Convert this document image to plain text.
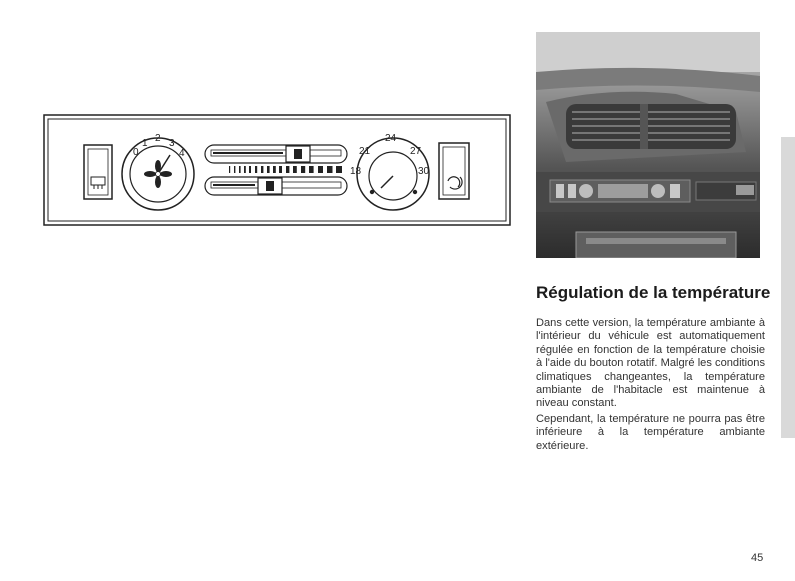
0
1 2 3
4
18
21
24
27
30
Régulation de la température

Dans cette version, la température ambiante à l'intérieur du véhicule est automatiquement régulée en fonction de la température choisie à l'aide du bouton rotatif. Malgré les conditions climatiques changeantes, la température ambiante de l'habitacle est maintenue à niveau constant.

Cependant, la température ne pourra pas être inférieure à la température ambiante extérieure.

45
